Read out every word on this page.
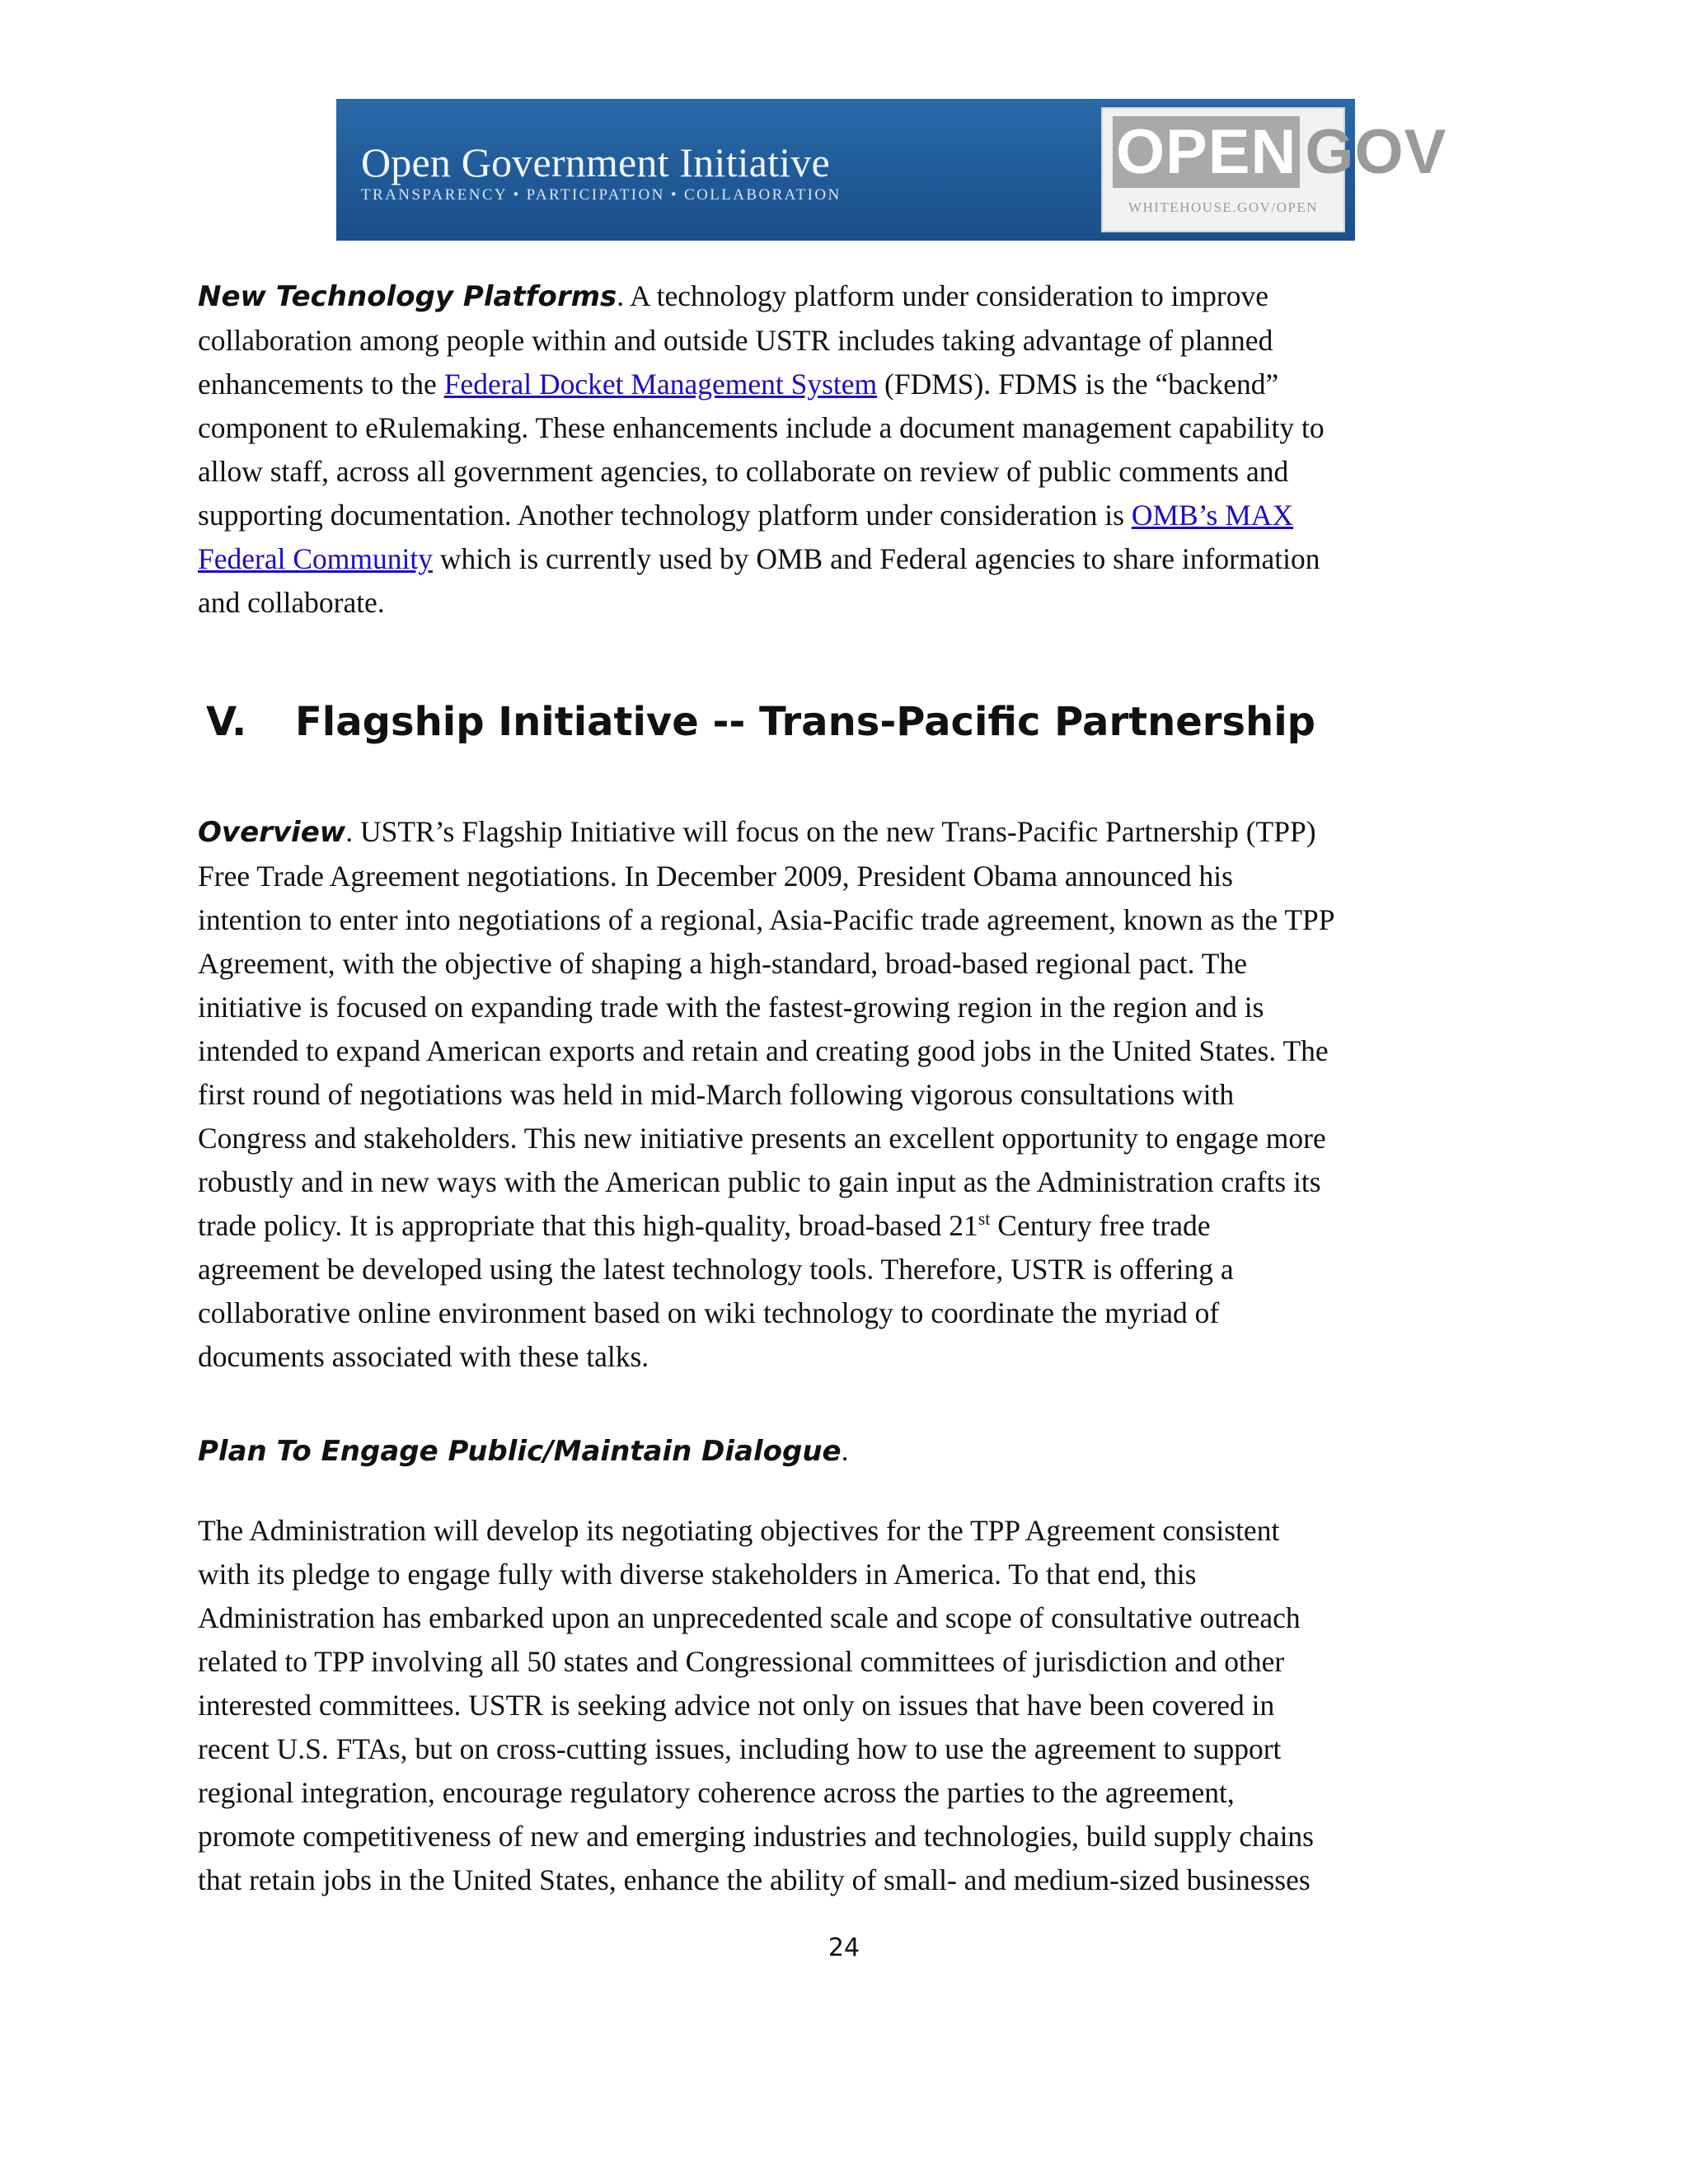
Open Government Initiative
TRANSPARENCY • PARTICIPATION • COLLABORATION
OPEN GOV
WHITEHOUSE.GOV/OPEN

New Technology Platforms. A technology platform under consideration to improve

collaboration among people within and outside USTR includes taking advantage of planned

enhancements to the Federal Docket Management System (FDMS). FDMS is the “backend”

component to eRulemaking. These enhancements include a document management capability to

allow staff, across all government agencies, to collaborate on review of public comments and

supporting documentation. Another technology platform under consideration is OMB’s MAX

Federal Community which is currently used by OMB and Federal agencies to share information

and collaborate.

V. Flagship Initiative -- Trans-Pacific Partnership

Overview. USTR’s Flagship Initiative will focus on the new Trans-Pacific Partnership (TPP)

Free Trade Agreement negotiations. In December 2009, President Obama announced his

intention to enter into negotiations of a regional, Asia-Pacific trade agreement, known as the TPP

Agreement, with the objective of shaping a high-standard, broad-based regional pact. The

initiative is focused on expanding trade with the fastest-growing region in the region and is

intended to expand American exports and retain and creating good jobs in the United States. The

first round of negotiations was held in mid-March following vigorous consultations with

Congress and stakeholders. This new initiative presents an excellent opportunity to engage more

robustly and in new ways with the American public to gain input as the Administration crafts its

trade policy. It is appropriate that this high-quality, broad-based 21st Century free trade

agreement be developed using the latest technology tools. Therefore, USTR is offering a

collaborative online environment based on wiki technology to coordinate the myriad of

documents associated with these talks.

Plan To Engage Public/Maintain Dialogue.

The Administration will develop its negotiating objectives for the TPP Agreement consistent

with its pledge to engage fully with diverse stakeholders in America. To that end, this

Administration has embarked upon an unprecedented scale and scope of consultative outreach

related to TPP involving all 50 states and Congressional committees of jurisdiction and other

interested committees. USTR is seeking advice not only on issues that have been covered in

recent U.S. FTAs, but on cross-cutting issues, including how to use the agreement to support

regional integration, encourage regulatory coherence across the parties to the agreement,

promote competitiveness of new and emerging industries and technologies, build supply chains

that retain jobs in the United States, enhance the ability of small- and medium-sized businesses

24
